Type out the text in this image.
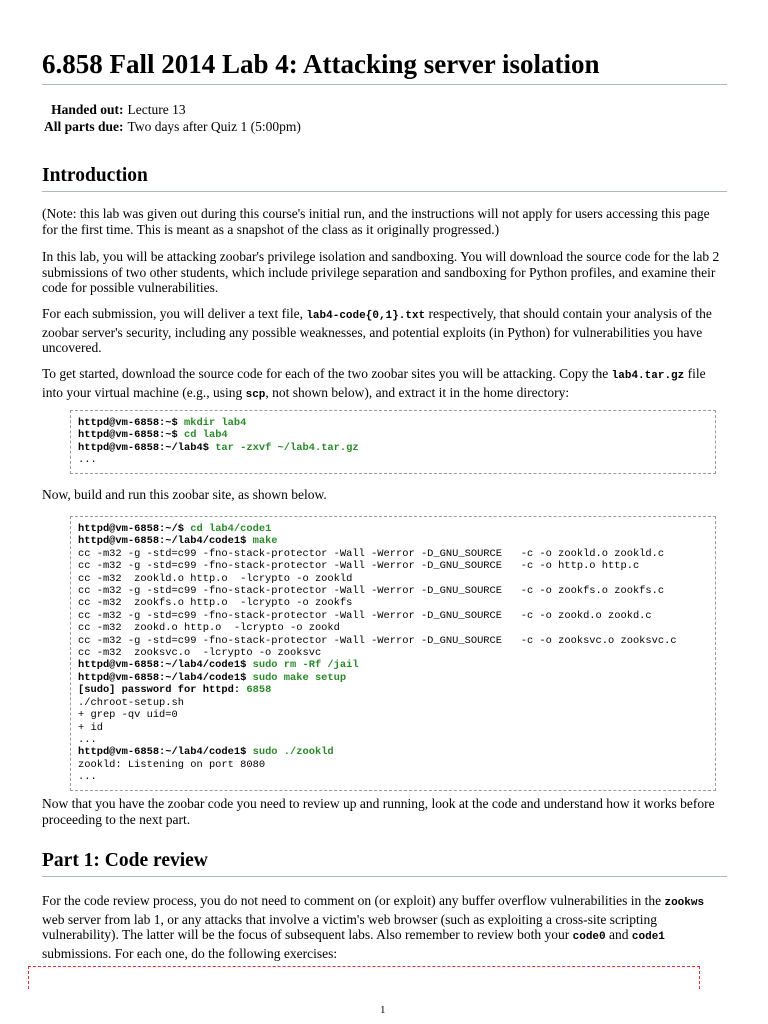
6.858 Fall 2014 Lab 4: Attacking server isolation
Handed out:	Lecture 13
All parts due:	Two days after Quiz 1 (5:00pm)
Introduction

(Note: this lab was given out during this course's initial run, and the instructions will not apply for users accessing this page for the first time. This is meant as a snapshot of the class as it originally progressed.)

In this lab, you will be attacking zoobar's privilege isolation and sandboxing. You will download the source code for the lab 2 submissions of two other students, which include privilege separation and sandboxing for Python profiles, and examine their code for possible vulnerabilities.

For each submission, you will deliver a text file, lab4-code{0,1}.txt respectively, that should contain your analysis of the zoobar server's security, including any possible weaknesses, and potential exploits (in Python) for vulnerabilities you have uncovered.

To get started, download the source code for each of the two zoobar sites you will be attacking. Copy the lab4.tar.gz file into your virtual machine (e.g., using scp, not shown below), and extract it in the home directory:

httpd@vm-6858:~$ mkdir lab4
httpd@vm-6858:~$ cd lab4
httpd@vm-6858:~/lab4$ tar -zxvf ~/lab4.tar.gz
...

Now, build and run this zoobar site, as shown below.

httpd@vm-6858:~/$ cd lab4/code1
httpd@vm-6858:~/lab4/code1$ make
cc -m32 -g -std=c99 -fno-stack-protector -Wall -Werror -D_GNU_SOURCE   -c -o zookld.o zookld.c
cc -m32 -g -std=c99 -fno-stack-protector -Wall -Werror -D_GNU_SOURCE   -c -o http.o http.c
cc -m32  zookld.o http.o  -lcrypto -o zookld
cc -m32 -g -std=c99 -fno-stack-protector -Wall -Werror -D_GNU_SOURCE   -c -o zookfs.o zookfs.c
cc -m32  zookfs.o http.o  -lcrypto -o zookfs
cc -m32 -g -std=c99 -fno-stack-protector -Wall -Werror -D_GNU_SOURCE   -c -o zookd.o zookd.c
cc -m32  zookd.o http.o  -lcrypto -o zookd
cc -m32 -g -std=c99 -fno-stack-protector -Wall -Werror -D_GNU_SOURCE   -c -o zooksvc.o zooksvc.c
cc -m32  zooksvc.o  -lcrypto -o zooksvc
httpd@vm-6858:~/lab4/code1$ sudo rm -Rf /jail
httpd@vm-6858:~/lab4/code1$ sudo make setup
[sudo] password for httpd: 6858
./chroot-setup.sh
+ grep -qv uid=0
+ id
...
httpd@vm-6858:~/lab4/code1$ sudo ./zookld
zookld: Listening on port 8080
...

Now that you have the zoobar code you need to review up and running, look at the code and understand how it works before proceeding to the next part.

Part 1: Code review

For the code review process, you do not need to comment on (or exploit) any buffer overflow vulnerabilities in the zookws web server from lab 1, or any attacks that involve a victim's web browser (such as exploiting a cross-site scripting vulnerability). The latter will be the focus of subsequent labs. Also remember to review both your code0 and code1 submissions. For each one, do the following exercises:

1
